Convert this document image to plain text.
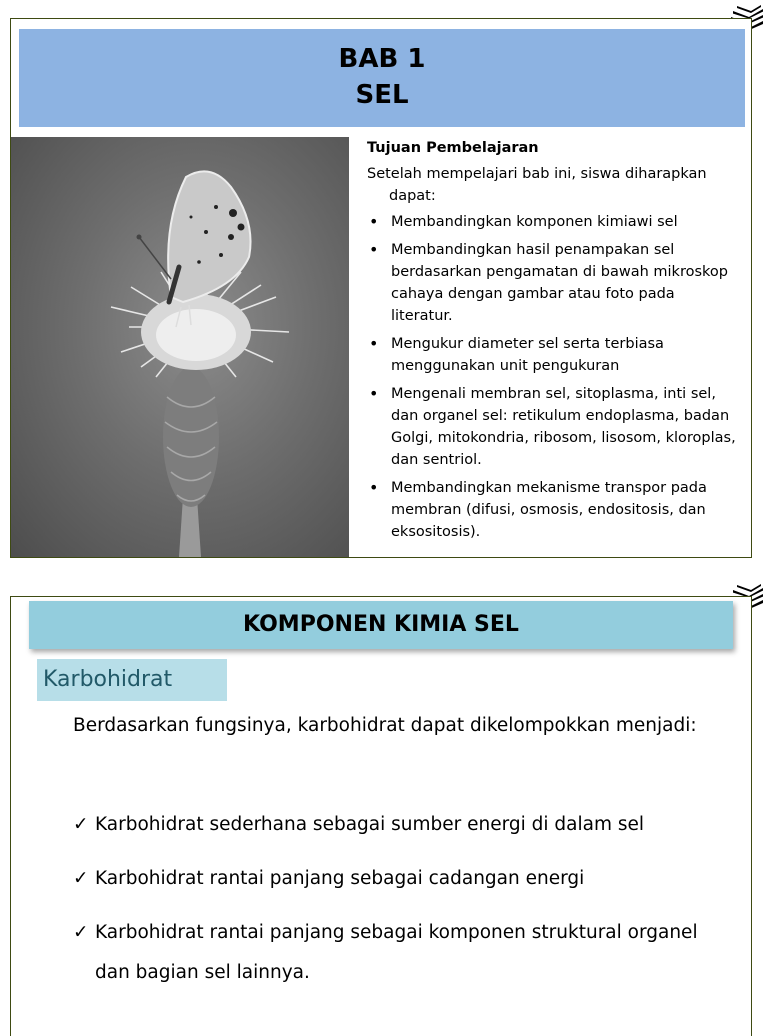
BAB 1
SEL
Tujuan Pembelajaran
Setelah mempelajari bab ini, siswa diharapkan
dapat:
• Membandingkan komponen kimiawi sel
• Membandingkan hasil penampakan sel berdasarkan pengamatan di bawah mikroskop cahaya dengan gambar atau foto pada literatur.
• Mengukur diameter sel serta terbiasa menggunakan unit pengukuran
• Mengenali membran sel, sitoplasma, inti sel, dan organel sel: retikulum endoplasma, badan Golgi, mitokondria, ribosom, lisosom, kloroplas, dan sentriol.
• Membandingkan mekanisme transpor pada membran (difusi, osmosis, endositosis, dan eksositosis).
KOMPONEN KIMIA SEL
Karbohidrat
Berdasarkan fungsinya, karbohidrat dapat dikelompokkan menjadi:
✓ Karbohidrat sederhana sebagai sumber energi di dalam sel
✓ Karbohidrat rantai panjang sebagai cadangan energi
✓ Karbohidrat rantai panjang sebagai komponen struktural organel dan bagian sel lainnya.
